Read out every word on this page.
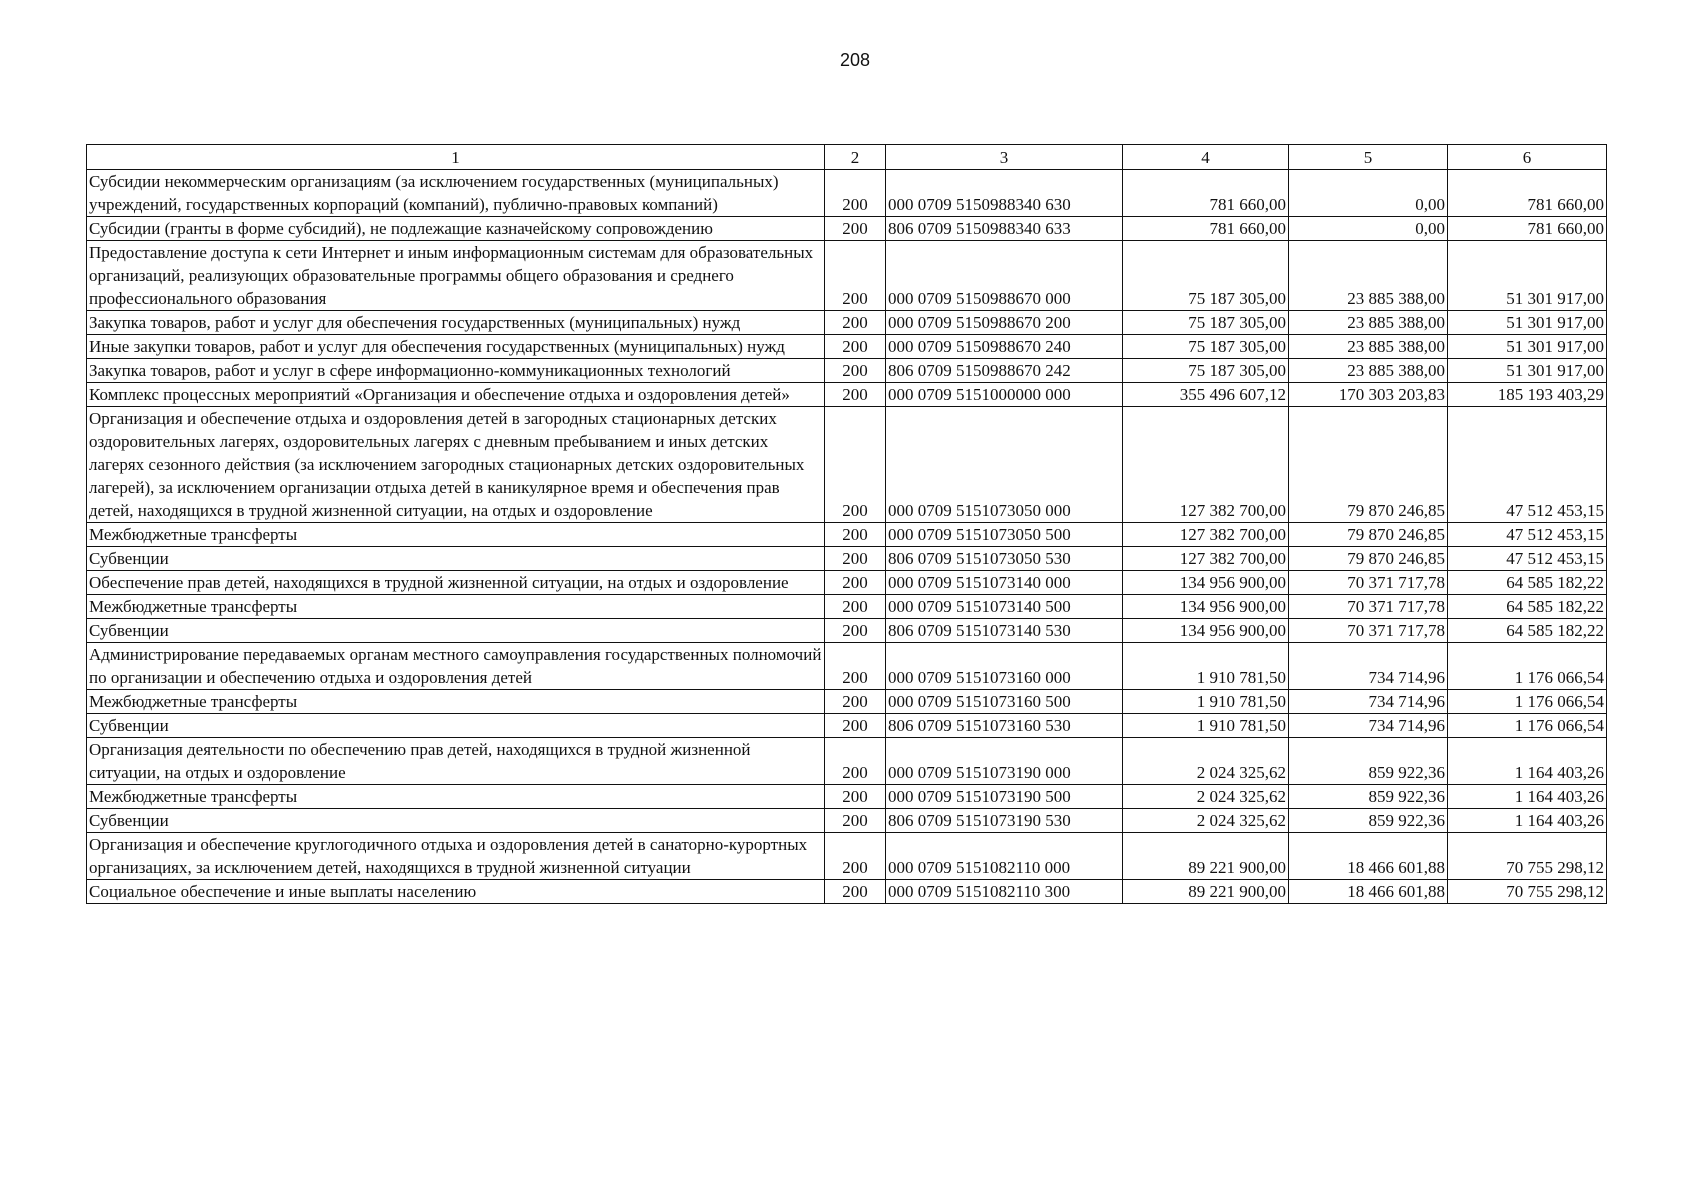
208
1	2	3	4	5	6
Субсидии некоммерческим организациям (за исключением государственных (муниципальных) учреждений, государственных корпораций (компаний), публично-правовых компаний)	200	000 0709 5150988340 630	781 660,00	0,00	781 660,00
Субсидии (гранты в форме субсидий), не подлежащие казначейскому сопровождению	200	806 0709 5150988340 633	781 660,00	0,00	781 660,00
Предоставление доступа к сети Интернет и иным информационным системам для образовательных организаций, реализующих образовательные программы общего образования и среднего профессионального образования	200	000 0709 5150988670 000	75 187 305,00	23 885 388,00	51 301 917,00
Закупка товаров, работ и услуг для обеспечения государственных (муниципальных) нужд	200	000 0709 5150988670 200	75 187 305,00	23 885 388,00	51 301 917,00
Иные закупки товаров, работ и услуг для обеспечения государственных (муниципальных) нужд	200	000 0709 5150988670 240	75 187 305,00	23 885 388,00	51 301 917,00
Закупка товаров, работ и услуг в сфере информационно-коммуникационных технологий	200	806 0709 5150988670 242	75 187 305,00	23 885 388,00	51 301 917,00
Комплекс процессных мероприятий «Организация и обеспечение отдыха и оздоровления детей»	200	000 0709 5151000000 000	355 496 607,12	170 303 203,83	185 193 403,29
Организация и обеспечение отдыха и оздоровления детей в загородных стационарных детских оздоровительных лагерях, оздоровительных лагерях с дневным пребыванием и иных детских лагерях сезонного действия (за исключением загородных стационарных детских оздоровительных лагерей), за исключением организации отдыха детей в каникулярное время и обеспечения прав детей, находящихся в трудной жизненной ситуации, на отдых и оздоровление	200	000 0709 5151073050 000	127 382 700,00	79 870 246,85	47 512 453,15
Межбюджетные трансферты	200	000 0709 5151073050 500	127 382 700,00	79 870 246,85	47 512 453,15
Субвенции	200	806 0709 5151073050 530	127 382 700,00	79 870 246,85	47 512 453,15
Обеспечение прав детей, находящихся в трудной жизненной ситуации, на отдых и оздоровление	200	000 0709 5151073140 000	134 956 900,00	70 371 717,78	64 585 182,22
Межбюджетные трансферты	200	000 0709 5151073140 500	134 956 900,00	70 371 717,78	64 585 182,22
Субвенции	200	806 0709 5151073140 530	134 956 900,00	70 371 717,78	64 585 182,22
Администрирование передаваемых органам местного самоуправления государственных полномочий по организации и обеспечению отдыха и оздоровления детей	200	000 0709 5151073160 000	1 910 781,50	734 714,96	1 176 066,54
Межбюджетные трансферты	200	000 0709 5151073160 500	1 910 781,50	734 714,96	1 176 066,54
Субвенции	200	806 0709 5151073160 530	1 910 781,50	734 714,96	1 176 066,54
Организация деятельности по обеспечению прав детей, находящихся в трудной жизненной ситуации, на отдых и оздоровление	200	000 0709 5151073190 000	2 024 325,62	859 922,36	1 164 403,26
Межбюджетные трансферты	200	000 0709 5151073190 500	2 024 325,62	859 922,36	1 164 403,26
Субвенции	200	806 0709 5151073190 530	2 024 325,62	859 922,36	1 164 403,26
Организация и обеспечение круглогодичного отдыха и оздоровления детей в санаторно-курортных организациях, за исключением детей, находящихся в трудной жизненной ситуации	200	000 0709 5151082110 000	89 221 900,00	18 466 601,88	70 755 298,12
Социальное обеспечение и иные выплаты населению	200	000 0709 5151082110 300	89 221 900,00	18 466 601,88	70 755 298,12
